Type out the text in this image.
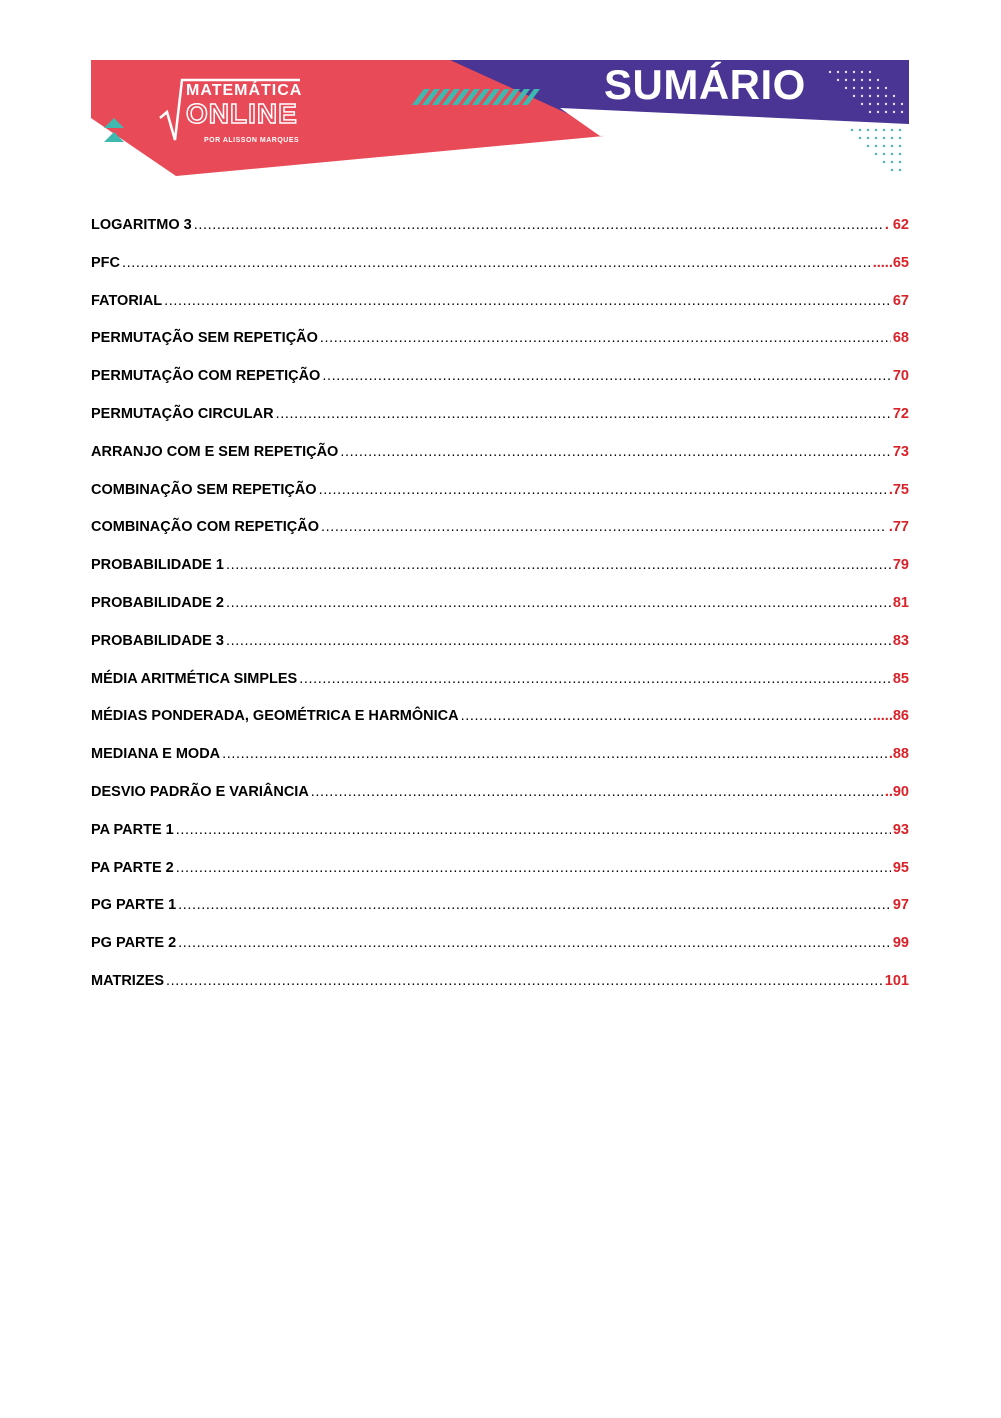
MATEMÁTICA
ONLINE
POR ALISSON MARQUES
SUMÁRIO
LOGARITMO 3 .....	. 62
PFC .....	.....65
FATORIAL .....	67
PERMUTAÇÃO SEM REPETIÇÃO .....	68
PERMUTAÇÃO COM REPETIÇÃO .....	70
PERMUTAÇÃO CIRCULAR .....	72
ARRANJO COM E SEM REPETIÇÃO .....	73
COMBINAÇÃO SEM REPETIÇÃO .....	.75
COMBINAÇÃO COM REPETIÇÃO .....	.77
PROBABILIDADE 1 .....	79
PROBABILIDADE 2 .....	81
PROBABILIDADE 3 .....	83
MÉDIA ARITMÉTICA SIMPLES .....	85
MÉDIAS PONDERADA, GEOMÉTRICA E HARMÔNICA .....	.....86
MEDIANA E MODA .....	.88
DESVIO PADRÃO E VARIÂNCIA .....	..90
PA PARTE 1 .....	93
PA PARTE 2 .....	95
PG PARTE 1 .....	97
PG PARTE 2 .....	99
MATRIZES .....	101
